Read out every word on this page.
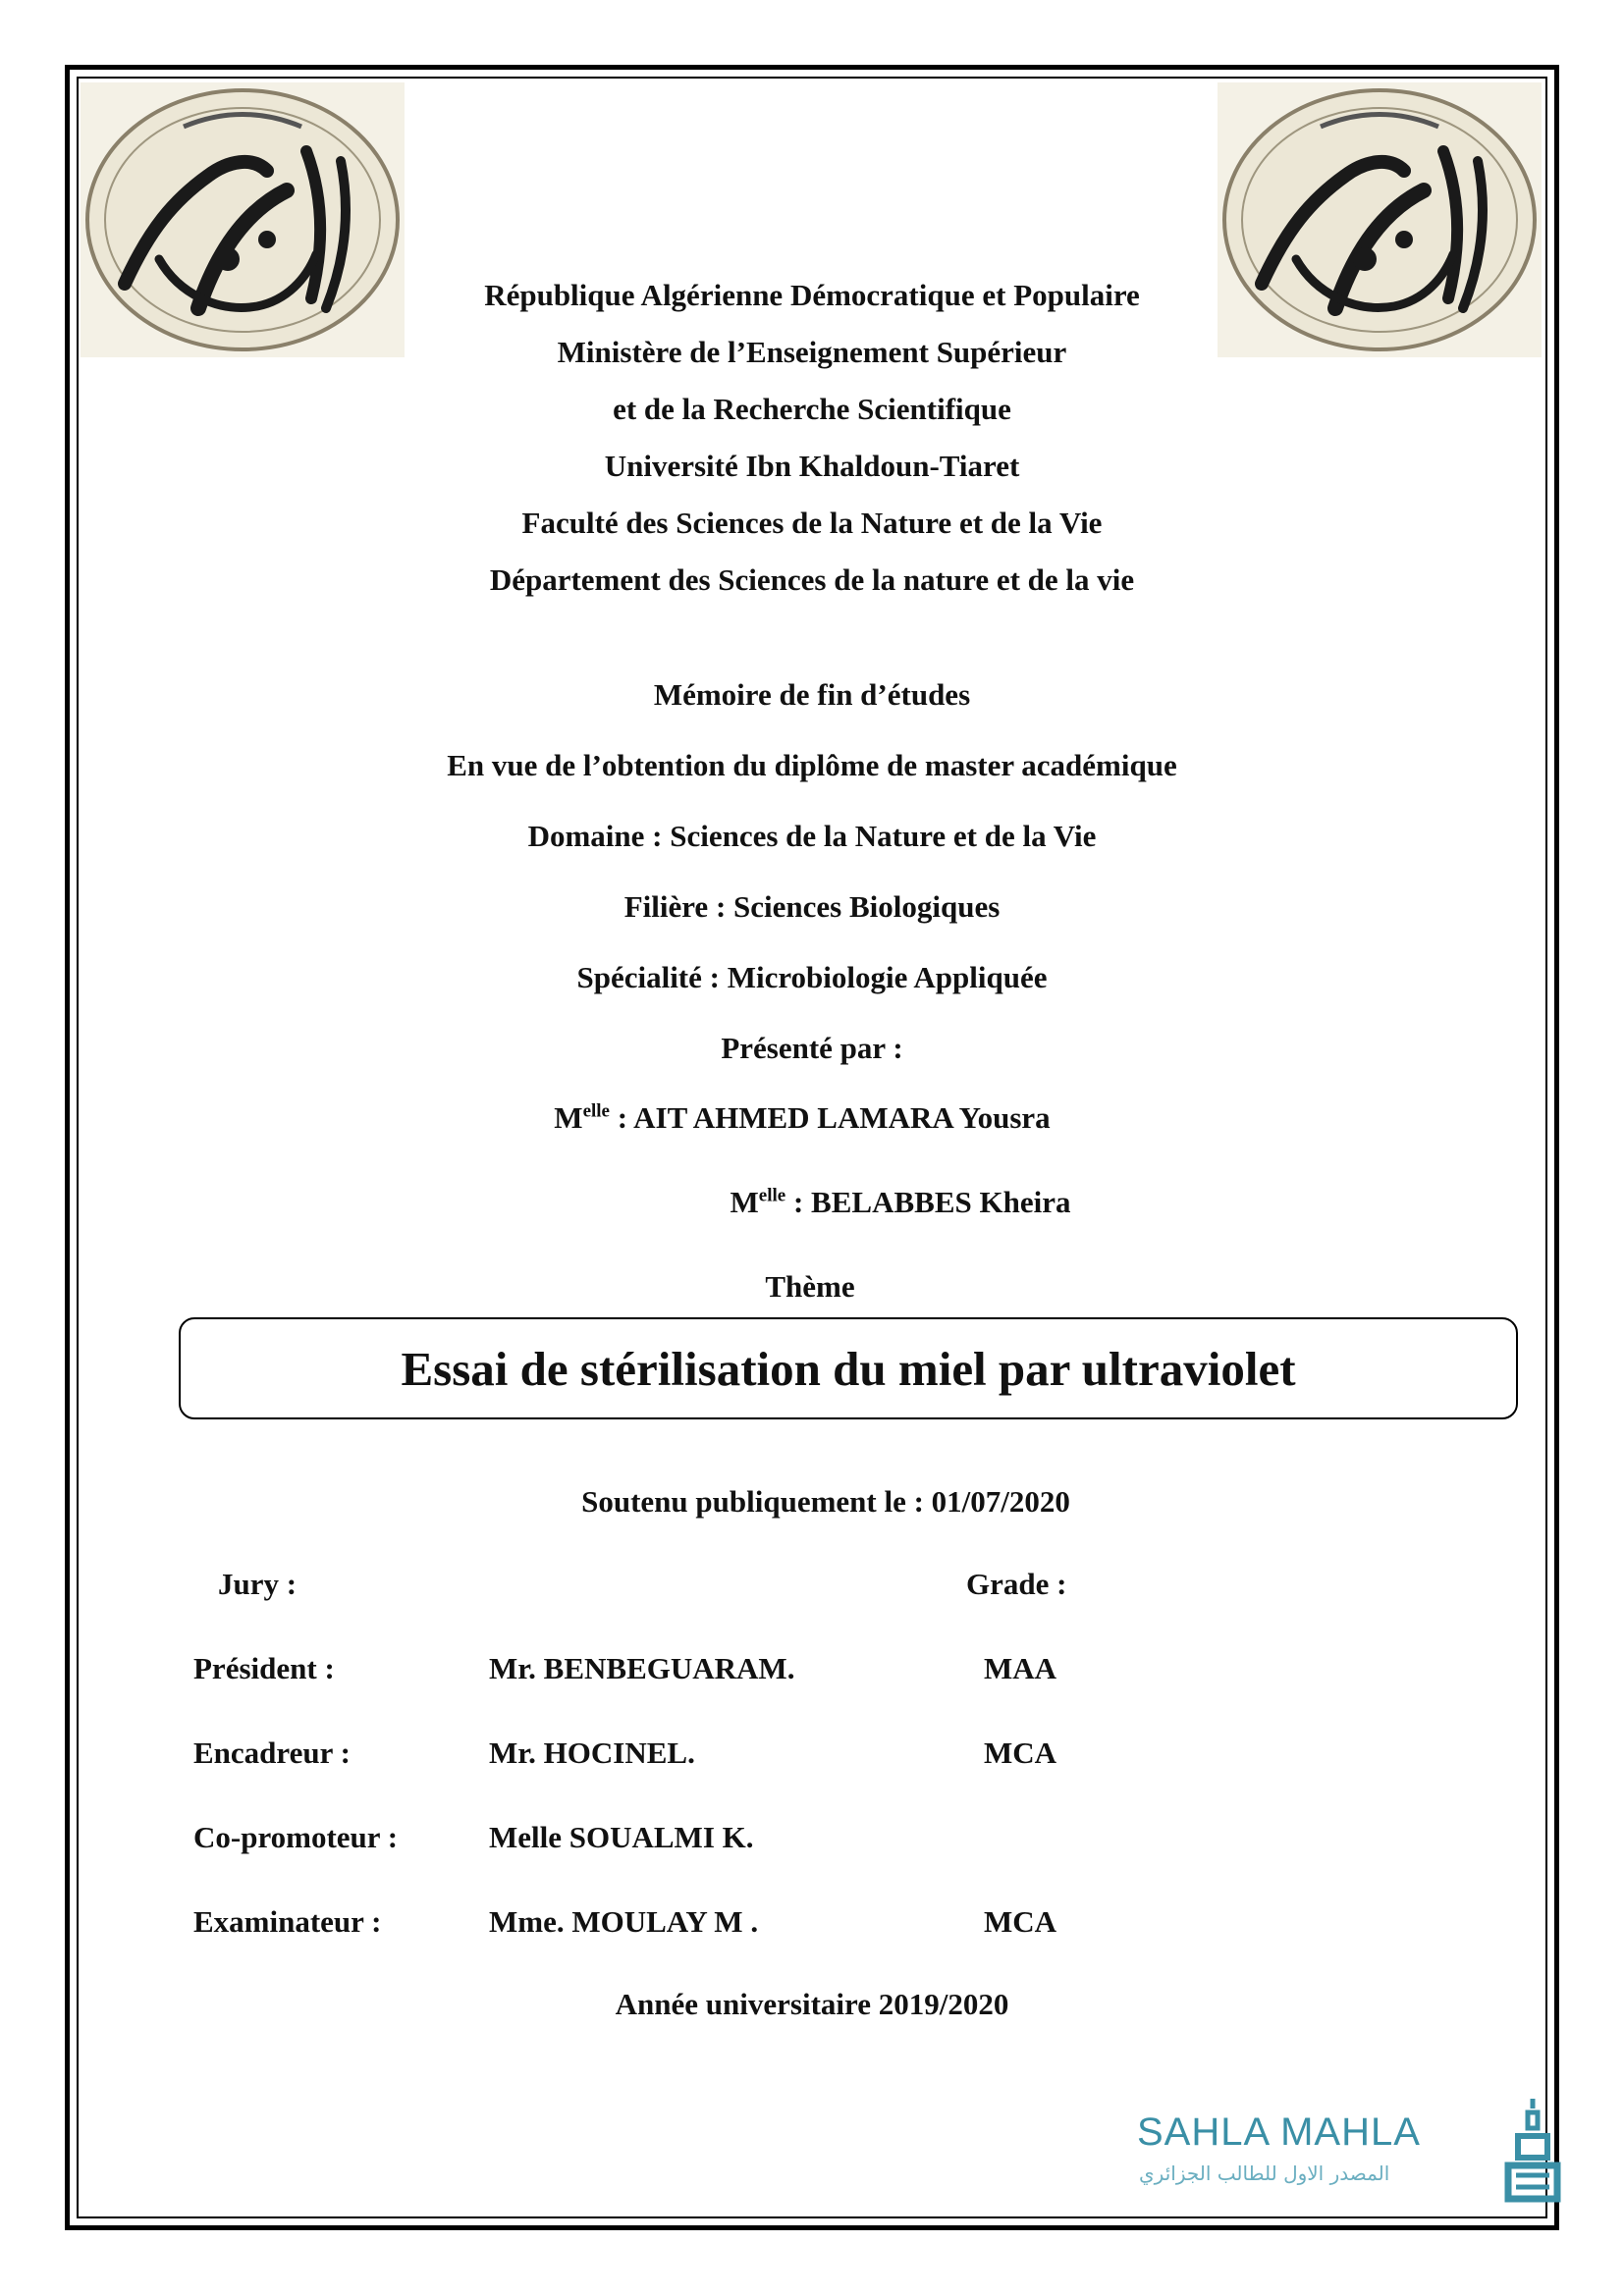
République Algérienne Démocratique et Populaire
Ministère de l’Enseignement Supérieur
et de la Recherche Scientifique
Université Ibn Khaldoun-Tiaret
Faculté des Sciences de la Nature et de la Vie
Département des Sciences de la nature et de la vie
Mémoire de fin d’études
En vue de l’obtention du diplôme de master académique
Domaine : Sciences de la Nature et de la Vie
Filière : Sciences Biologiques
Spécialité : Microbiologie Appliquée
Présenté par :
$M^{elle}$ : AIT AHMED LAMARA Yousra
$M^{elle}$ : BELABBES Kheira
Thème
Essai de stérilisation du miel par ultraviolet
Soutenu publiquement le : 01/07/2020
Jury :	Grade :
Président :	Mr. BENBEGUARAM.	MAA
Encadreur :	Mr. HOCINEL.	MCA
Co-promoteur :	Melle SOUALMI K.
Examinateur :	Mme. MOULAY M .	MCA
Année universitaire 2019/2020
SAHLA MAHLA
المصدر الاول للطالب الجزائري
